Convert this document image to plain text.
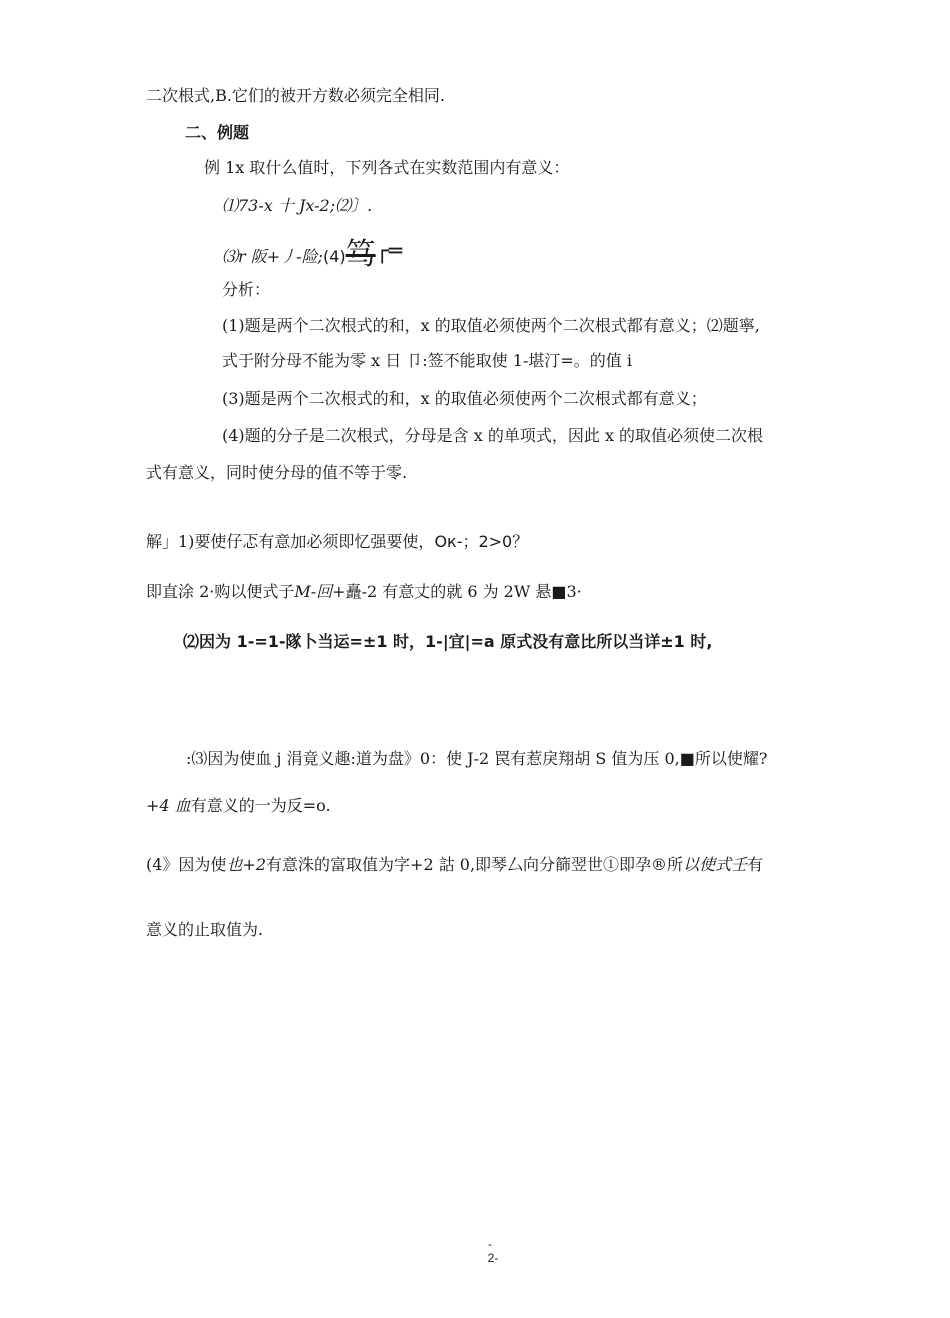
二次根式,B.它们的被开方数必须完全相同.
二、例题
例 1x 取什么值时，下列各式在实数范围内有意义：
⑴73-x 十 Jx-2;⑵〕.
⑶r 阪+丿-险;(4)笃┌═
分析：
(1)题是两个二次根式的和，x 的取值必须使两个二次根式都有意义；⑵题寧,
式于附分母不能为零 x 日 卩:签不能取使 1-堪汀=。的值 i
(3)题是两个二次根式的和，x 的取值必须使两个二次根式都有意义；
(4)题的分子是二次根式，分母是含 x 的单项式，因此 x 的取值必须使二次根
式有意义，同时使分母的值不等于零.
解」1)要使仔忑有意加必须即忆强要使，Oк-；2>0？
即直涂 2·购以便式子M-回+矗-2 有意丈的就 6 为 2W 悬■3·
⑵因为 1-=1-隊卜当运=±1 时，1-|宜|=a 原式没有意比所以当详±1 时,
:⑶因为使血 j 涓竟义趣:道为盘》0：使 J-2 罠有惹戾翔胡 S 值为压 0,■所以使耀?
+4 血有意义的一为反=o.
(4》因为使也+2有意洙的富取值为字+2 詁 0,即琴厶向分篩翌世①即孕®所以使式壬有
意义的止取值为.
-
2-
